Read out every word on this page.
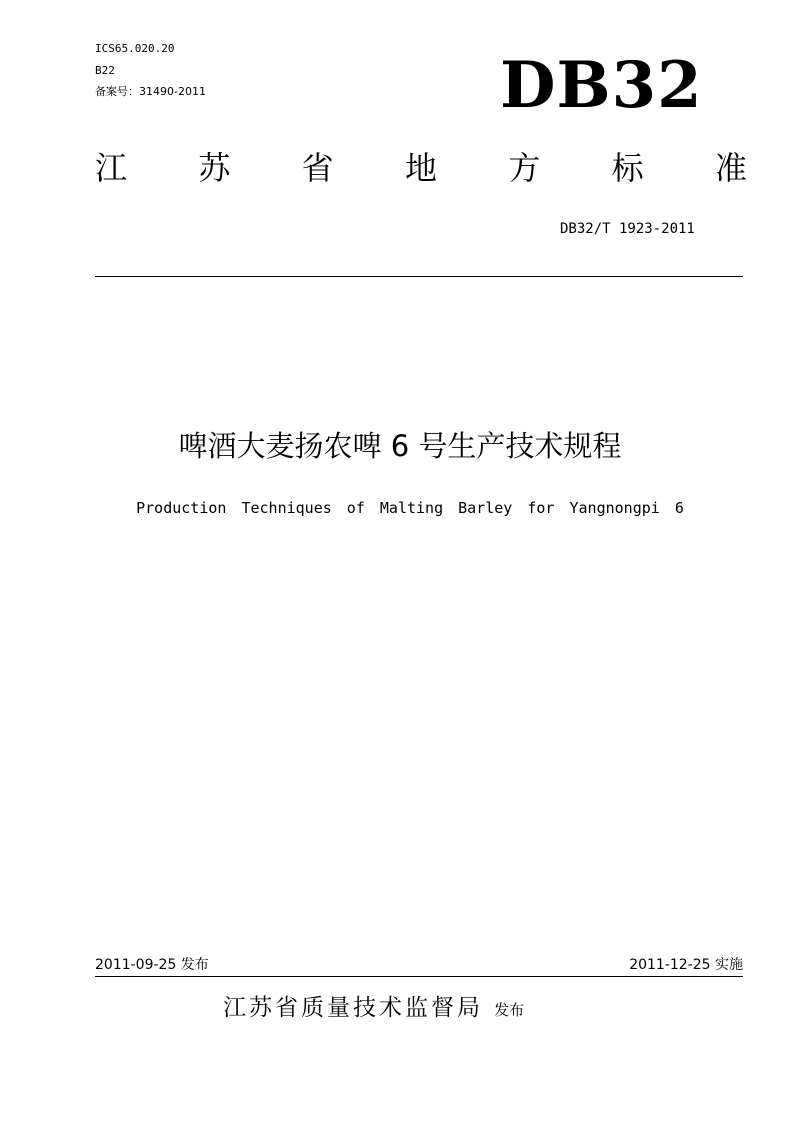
ICS65.020.20
B22
备案号：31490-2011	DB32
江 苏 省 地 方 标 准
DB32/T 1923-2011
啤酒大麦扬农啤 6 号生产技术规程
Production Techniques of Malting Barley for Yangnongpi 6
2011-09-25 发布	2011-12-25 实施
江苏省质量技术监督局 发布
